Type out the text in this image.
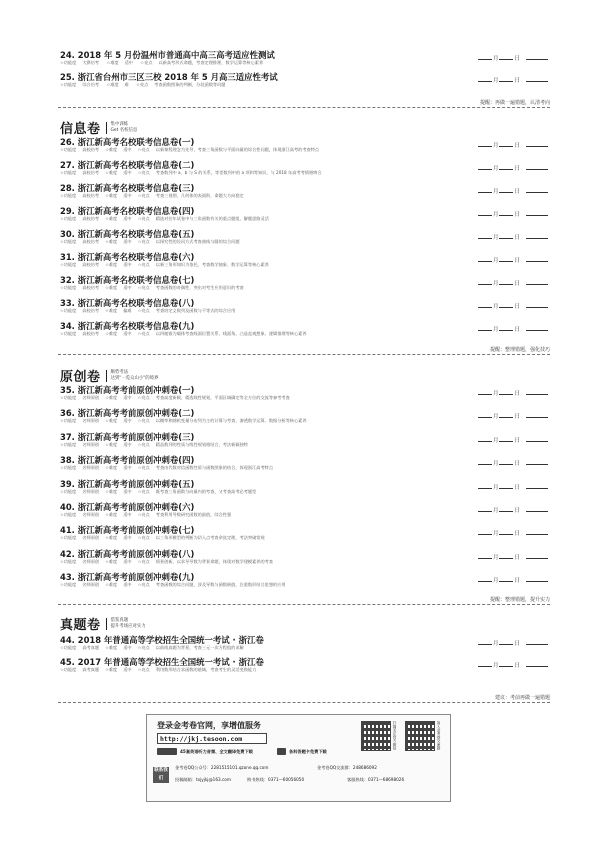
24. 2018 年 5 月份温州市普通高中高三高考适应性测试
☆功能度 大赛仿考 ☆难度 适中 ☆亮点 以新高考形式命题，考查定理推理、数学运算等核心素养
月	日
25. 浙江省台州市三区三校 2018 年 5 月高三适应性考试
☆功能度 综合仿考 ☆难度 难 ☆亮点 考查函数图象的判断，分段函数等问题
月	日
提醒：再做一遍错题，认清考向
信息卷	集中训练
Get 名校信息
26. 浙江新高考名校联考信息卷(一)
☆功能度 高校仿考 ☆难度 适中 ☆亮点 以新课程理念为先导，考查三角函数与平面向量的综合性问题，体现浙江高考的考查特点
月	日
27. 浙江新高考名校联考信息卷(二)
☆功能度 高校仿考 ☆难度 适中 ☆亮点 考查数列中 a、b 与 S 的关系，等差数列中的 a 项和等知识，与 2018 年高考考情相吻合
月	日
28. 浙江新高考名校联考信息卷(三)
☆功能度 高校仿考 ☆难度 适中 ☆亮点 考查三视图、几何体的表面积，命题大方向稳定
月	日
29. 浙江新高考名校联考信息卷(四)
☆功能度 高校仿考 ☆难度 适中 ☆亮点 精选对往年试卷中与三角函数有关的重点题组，解题思路灵活
月	日
30. 浙江新高考名校联考信息卷(五)
☆功能度 高校仿考 ☆难度 适中 ☆亮点 以探究性的设问方式考查曲线与圆的综合问题
月	日
31. 浙江新高考名校联考信息卷(六)
☆功能度 高校仿考 ☆难度 适中 ☆亮点 以新三角形知识为依托，考查数学抽象、数学运算等核心素养
月	日
32. 浙江新高考名校联考信息卷(七)
☆功能度 高校仿考 ☆难度 适中 ☆亮点 考查函数的奇偶性，突出对考生应用意识的考查
月	日
33. 浙江新高考名校联考信息卷(八)
☆功能度 高校仿考 ☆难度 偏难 ☆亮点 考查培定义数列及函数与不等式的综合应用
月	日
34. 浙江新高考名校联考信息卷(九)
☆功能度 高校仿考 ☆难度 适中 ☆亮点 以四棱锥为载体考查线面位置关系、线面角，凸显直观想象、逻辑推理等核心素养
月	日
提醒：整理错题，强化技巧
原创卷	顺势考法
达到"一览众山小"的境界
35. 浙江新高考考前原创冲刺卷(一)
☆功能度 名师原创 ☆难度 适中 ☆亮点 考查高度新颖，精选线性规划，平面区域确定等全方位的交流等参考考查
月	日
36. 浙江新高考考前原创冲刺卷(二)
☆功能度 名师原创 ☆难度 适中 ☆亮点 以概率和随机变量分布列为主的计算与考查，渗透数学运算、数据分析等核心素养
月	日
37. 浙江新高考考前原创冲刺卷(三)
☆功能度 名师原创 ☆难度 适中 ☆亮点 精品数列的性质与线性规划相结合，考法新颖独特
月	日
38. 浙江新高考考前原创冲刺卷(四)
☆功能度 名师原创 ☆难度 适中 ☆亮点 考查由代数对信函数性质与函数图象的结合，体现浙江高考特点
月	日
39. 浙江新高考考前原创冲刺卷(五)
☆功能度 名师原创 ☆难度 适中 ☆亮点 既考查三角函数与向量内的考查，又考查高考必考题型
月	日
40. 浙江新高考考前原创冲刺卷(六)
☆功能度 名师原创 ☆难度 适中 ☆亮点 考查利用导数研究函数的最值，综合性强
月	日
41. 浙江新高考考前原创冲刺卷(七)
☆功能度 名师原创 ☆难度 适中 ☆亮点 以三角形模型的判断为切入点考查余弦定理，考法突破常规
月	日
42. 浙江新高考考前原创冲刺卷(八)
☆功能度 名师原创 ☆难度 适中 ☆亮点 情景创新，以求导导数为背景命题，体现对数学建模素养的考查
月	日
43. 浙江新高考考前原创冲刺卷(九)
☆功能度 名师原创 ☆难度 适中 ☆亮点 考查函数的综合问题，涉及导数与函数极值，注重数形结合思想的应用
月	日
提醒：整理错题，提升实力
真题卷	借鉴真题
提升考场应对实力
44. 2018 年普通高等学校招生全国统一考试 · 浙江卷
☆功能度 高考真题 ☆难度 适中 ☆亮点 以前线真题为背景，考查三元一次方程组的求解
月	日
45. 2017 年普通高等学校招生全国统一考试 · 浙江卷
☆功能度 高考真题 ☆难度 适中 ☆亮点 利用数形结合求函数的值域，考查考生的灵活变换能力
月	日
建议：考前再做一遍错题
登录金考卷官网，享增值服务
http://jkj.tesoon.com
45套英语听力音频、全文翻译免费下载	各科答题卡免费下载
联系我们
金考卷QQ公众号：2281515101.qzone.qq.com	金考卷QQ交流群：248686092
投稿邮箱：txjyjkj@163.com	购书热线：0371—60056050	客服热线：0371—68698026
扫描关注官方微信	加入金考卷交流群
